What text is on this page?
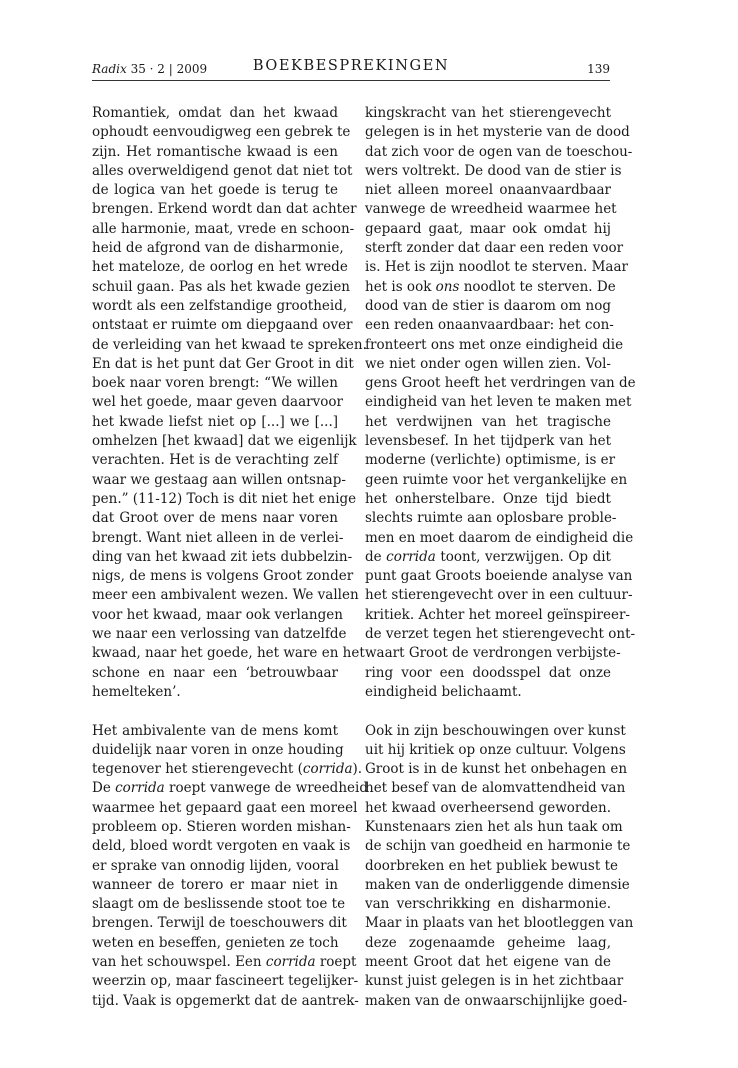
Radix 35 · 2 | 2009	BOEKBESPREKINGEN	139
Romantiek, omdat dan het kwaad
ophoudt eenvoudigweg een gebrek te
zijn. Het romantische kwaad is een
alles overweldigend genot dat niet tot
de logica van het goede is terug te
brengen. Erkend wordt dan dat achter
alle harmonie, maat, vrede en schoon-
heid de afgrond van de disharmonie,
het mateloze, de oorlog en het wrede
schuil gaan. Pas als het kwade gezien
wordt als een zelfstandige grootheid,
ontstaat er ruimte om diepgaand over
de verleiding van het kwaad te spreken.
En dat is het punt dat Ger Groot in dit
boek naar voren brengt: “We willen
wel het goede, maar geven daarvoor
het kwade liefst niet op [...] we [...]
omhelzen [het kwaad] dat we eigenlijk
verachten. Het is de verachting zelf
waar we gestaag aan willen ontsnap-
pen.” (11-12) Toch is dit niet het enige
dat Groot over de mens naar voren
brengt. Want niet alleen in de verlei-
ding van het kwaad zit iets dubbelzin-
nigs, de mens is volgens Groot zonder
meer een ambivalent wezen. We vallen
voor het kwaad, maar ook verlangen
we naar een verlossing van datzelfde
kwaad, naar het goede, het ware en het
schone en naar een ‘betrouwbaar
hemelteken’.
Het ambivalente van de mens komt
duidelijk naar voren in onze houding
tegenover het stierengevecht (corrida).
De corrida roept vanwege de wreedheid
waarmee het gepaard gaat een moreel
probleem op. Stieren worden mishan-
deld, bloed wordt vergoten en vaak is
er sprake van onnodig lijden, vooral
wanneer de torero er maar niet in
slaagt om de beslissende stoot toe te
brengen. Terwijl de toeschouwers dit
weten en beseffen, genieten ze toch
van het schouwspel. Een corrida roept
weerzin op, maar fascineert tegelijker-
tijd. Vaak is opgemerkt dat de aantrek-
kingskracht van het stierengevecht
gelegen is in het mysterie van de dood
dat zich voor de ogen van de toeschou-
wers voltrekt. De dood van de stier is
niet alleen moreel onaanvaardbaar
vanwege de wreedheid waarmee het
gepaard gaat, maar ook omdat hij
sterft zonder dat daar een reden voor
is. Het is zijn noodlot te sterven. Maar
het is ook ons noodlot te sterven. De
dood van de stier is daarom om nog
een reden onaanvaardbaar: het con-
fronteert ons met onze eindigheid die
we niet onder ogen willen zien. Vol-
gens Groot heeft het verdringen van de
eindigheid van het leven te maken met
het verdwijnen van het tragische
levensbesef. In het tijdperk van het
moderne (verlichte) optimisme, is er
geen ruimte voor het vergankelijke en
het onherstelbare. Onze tijd biedt
slechts ruimte aan oplosbare proble-
men en moet daarom de eindigheid die
de corrida toont, verzwijgen. Op dit
punt gaat Groots boeiende analyse van
het stierengevecht over in een cultuur-
kritiek. Achter het moreel geïnspireer-
de verzet tegen het stierengevecht ont-
waart Groot de verdrongen verbijste-
ring voor een doodsspel dat onze
eindigheid belichaamt.
Ook in zijn beschouwingen over kunst
uit hij kritiek op onze cultuur. Volgens
Groot is in de kunst het onbehagen en
het besef van de alomvattendheid van
het kwaad overheersend geworden.
Kunstenaars zien het als hun taak om
de schijn van goedheid en harmonie te
doorbreken en het publiek bewust te
maken van de onderliggende dimensie
van verschrikking en disharmonie.
Maar in plaats van het blootleggen van
deze zogenaamde geheime laag,
meent Groot dat het eigene van de
kunst juist gelegen is in het zichtbaar
maken van de onwaarschijnlijke goed-
